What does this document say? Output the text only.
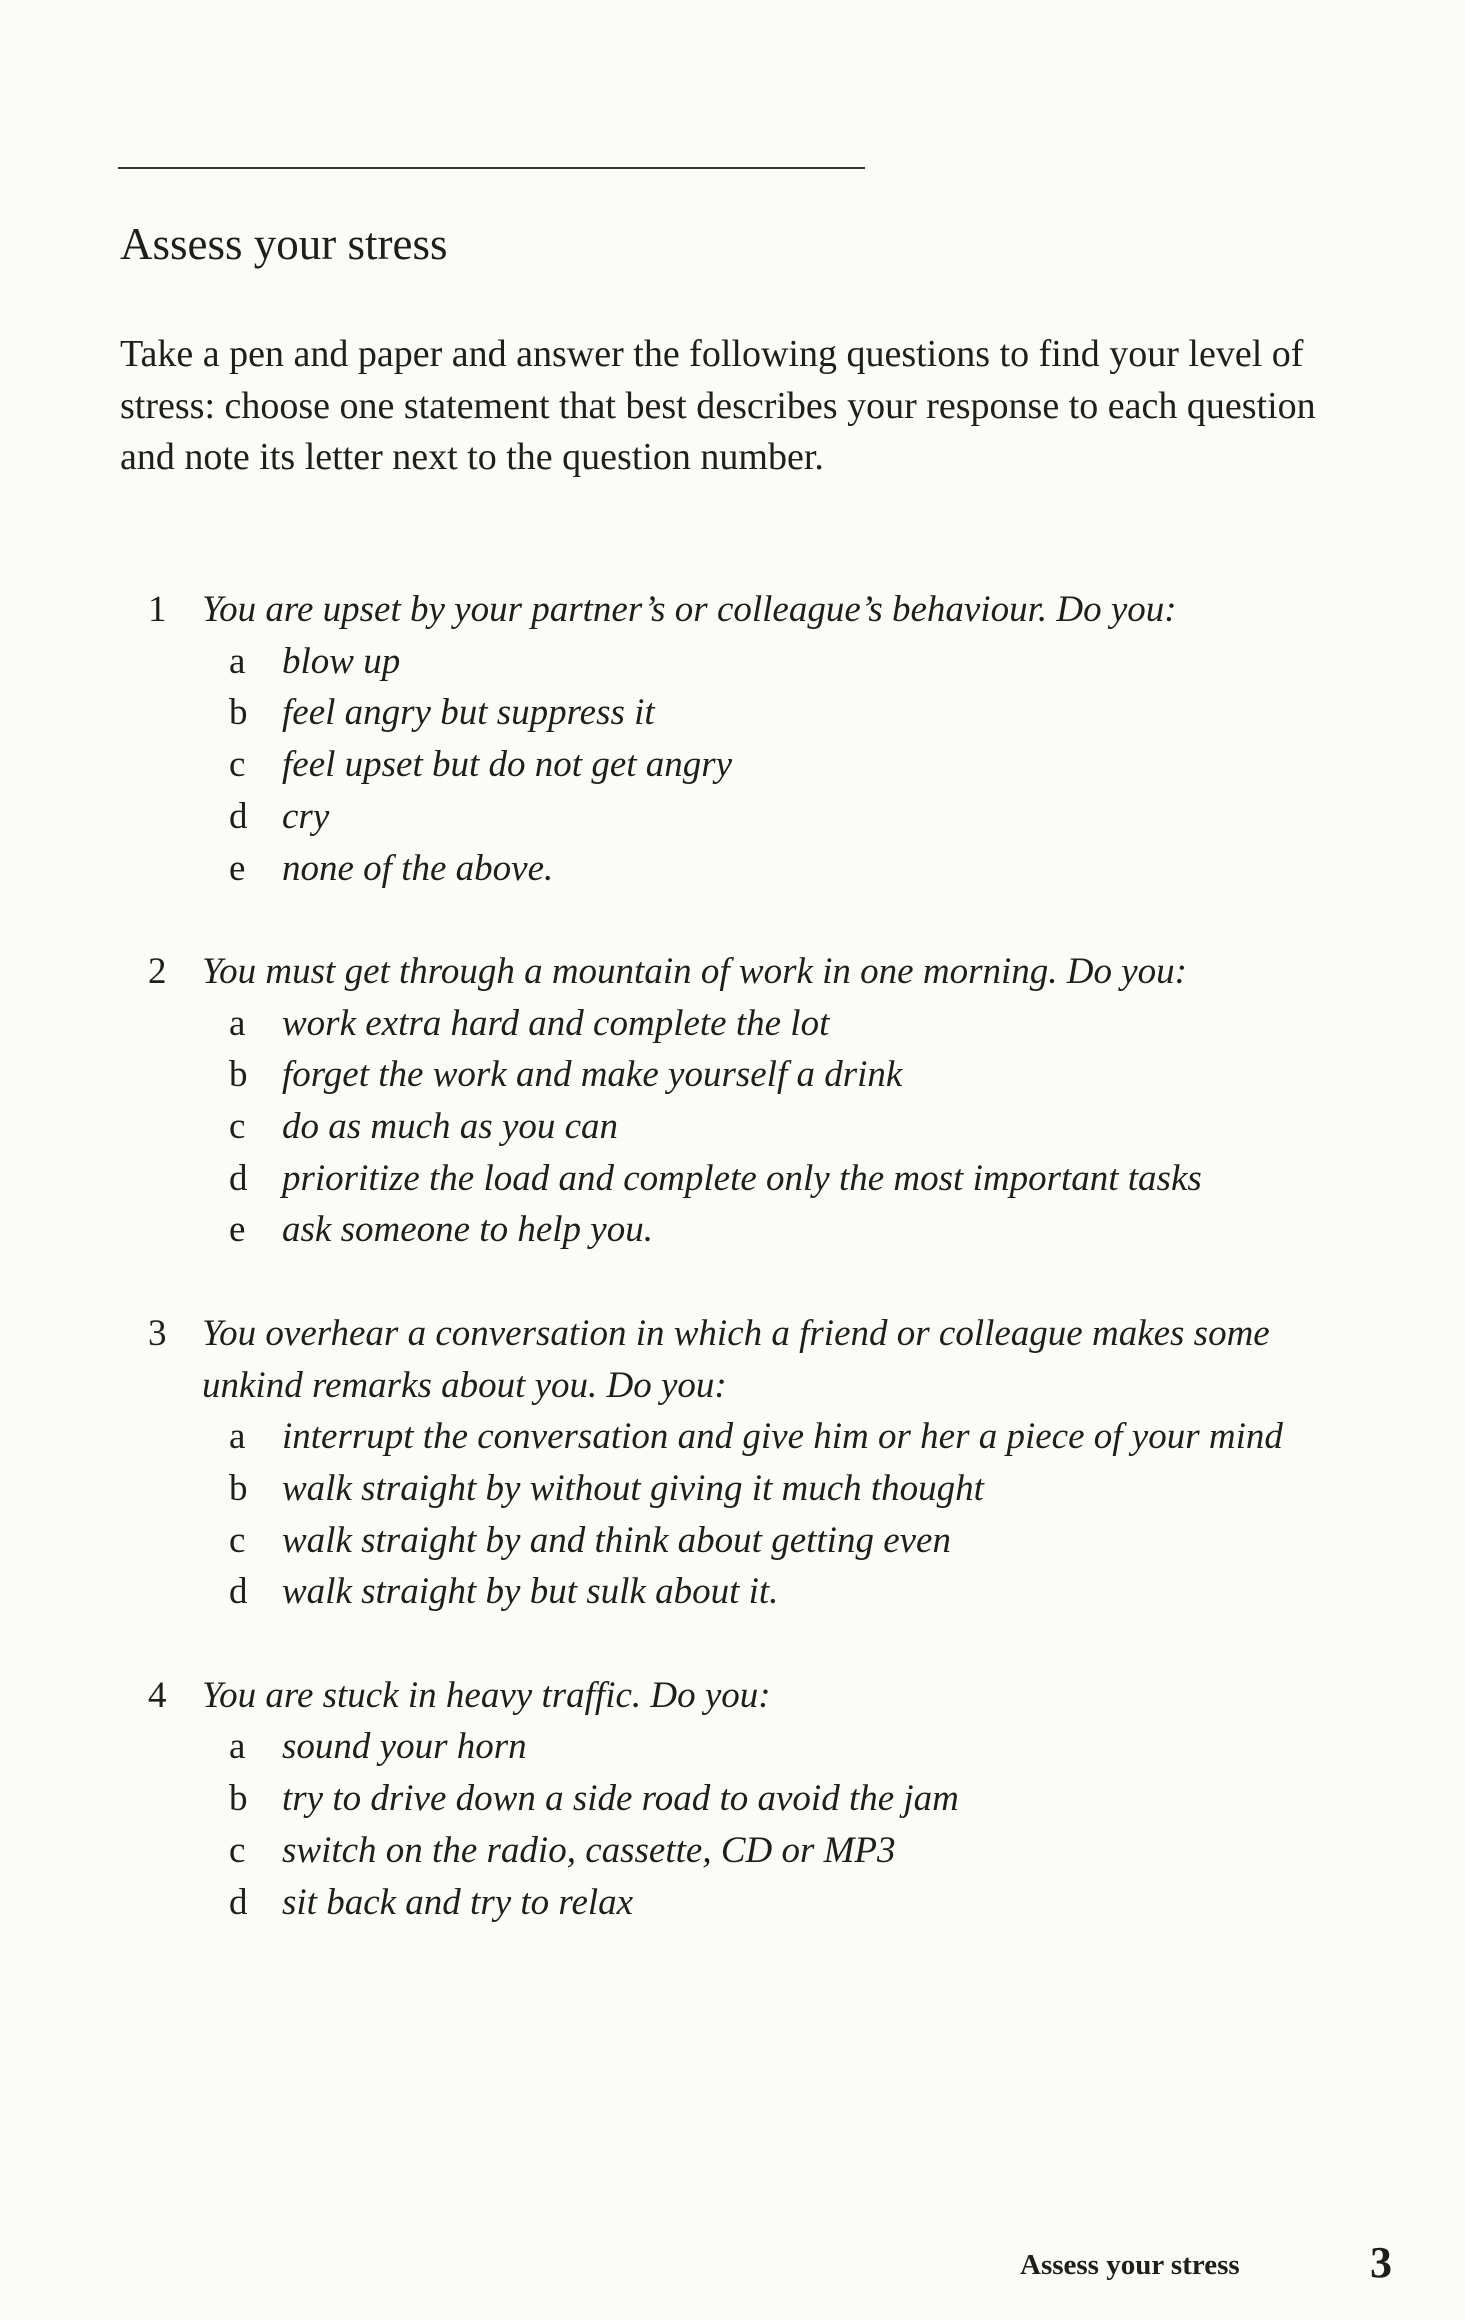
Assess your stress

Take a pen and paper and answer the following questions to find your level of stress: choose one statement that best describes your response to each question and note its letter next to the question number.

1 You are upset by your partner’s or colleague’s behaviour. Do you:
a blow up
b feel angry but suppress it
c feel upset but do not get angry
d cry
e none of the above.
2 You must get through a mountain of work in one morning. Do you:
a work extra hard and complete the lot
b forget the work and make yourself a drink
c do as much as you can
d prioritize the load and complete only the most important tasks
e ask someone to help you.
3 You overhear a conversation in which a friend or colleague makes some unkind remarks about you. Do you:
a interrupt the conversation and give him or her a piece of your mind
b walk straight by without giving it much thought
c walk straight by and think about getting even
d walk straight by but sulk about it.
4 You are stuck in heavy traffic. Do you:
a sound your horn
b try to drive down a side road to avoid the jam
c switch on the radio, cassette, CD or MP3
d sit back and try to relax
Assess your stress	3
